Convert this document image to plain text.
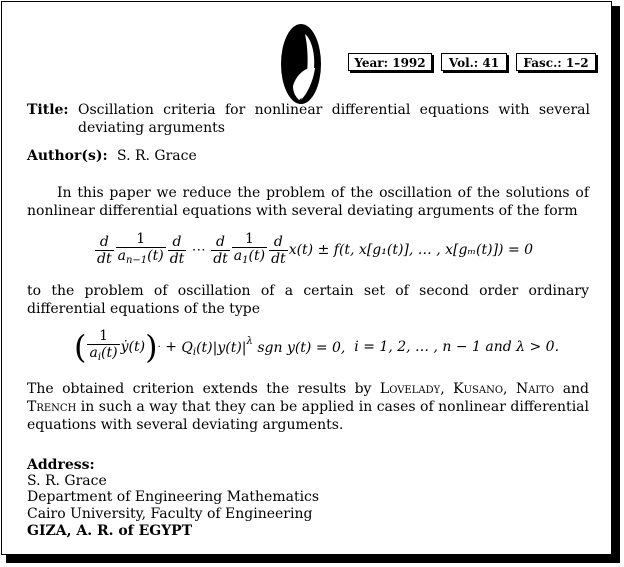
Year: 1992	Vol.: 41	Fasc.: 1–2
Title: Oscillation criteria for nonlinear differential equations with several deviating arguments
Author(s): S. R. Grace
In this paper we reduce the problem of the oscillation of the solutions of nonlinear differential equations with several deviating arguments of the form
$\frac{d}{dt} \frac{1}{a_{n-1}(t)} \frac{d}{dt}$ ⋯ $\frac{d}{dt} \frac{1}{a_1(t)} \frac{d}{dt} x(t) \pm f(t$, x[g₁(t)], … , x[gₘ(t)]) = 0
to the problem of oscillation of a certain set of second order ordinary differential equations of the type
( $\frac{1}{a_i(t)}$ ẏ(t) ) · + $Q_i(t)|y(t)|^\lambda$ sgn y(t) = 0, i = 1, 2, … , n − 1 and λ > 0.
The obtained criterion extends the results by Lovelady, Kusano, Naito and Trench in such a way that they can be applied in cases of nonlinear differential equations with several deviating arguments.
Address:
S. R. Grace
Department of Engineering Mathematics
Cairo University, Faculty of Engineering
GIZA, A. R. of EGYPT
